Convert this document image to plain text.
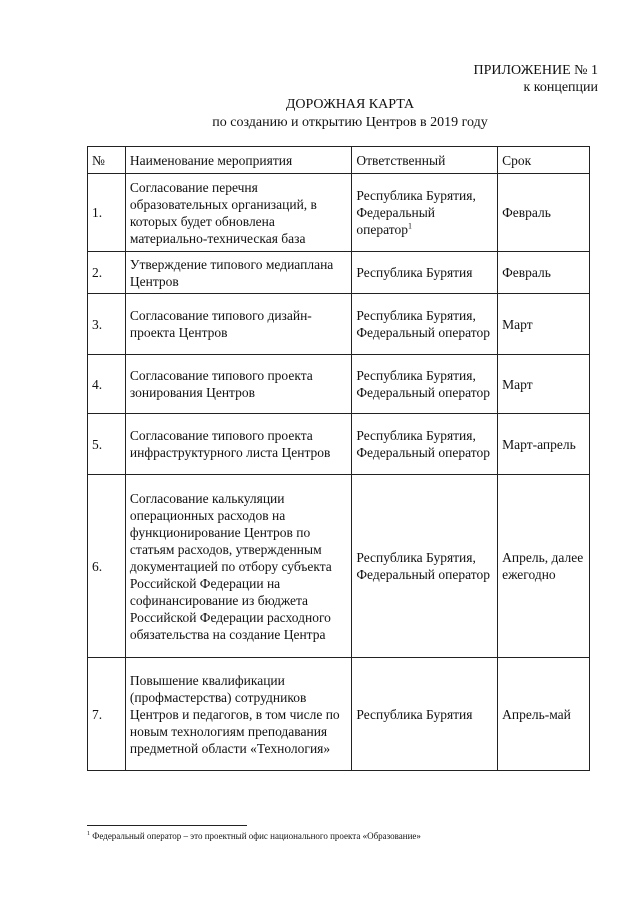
ПРИЛОЖЕНИЕ № 1
к концепции
ДОРОЖНАЯ КАРТА
по созданию и открытию Центров в 2019 году
№	Наименование мероприятия	Ответственный	Срок
1.	Согласование перечня образовательных организаций, в которых будет обновлена материально-техническая база	Республика Бурятия, Федеральный оператор$^1$	Февраль
2.	Утверждение типового медиаплана Центров	Республика Бурятия	Февраль
3.	Согласование типового дизайн-проекта Центров	Республика Бурятия, Федеральный оператор	Март
4.	Согласование типового проекта зонирования Центров	Республика Бурятия, Федеральный оператор	Март
5.	Согласование типового проекта инфраструктурного листа Центров	Республика Бурятия, Федеральный оператор	Март-апрель
6.	Согласование калькуляции операционных расходов на функционирование Центров по статьям расходов, утвержденным документацией по отбору субъекта Российской Федерации на софинансирование из бюджета Российской Федерации расходного обязательства на создание Центра	Республика Бурятия, Федеральный оператор	Апрель, далее ежегодно
7.	Повышение квалификации (профмастерства) сотрудников Центров и педагогов, в том числе по новым технологиям преподавания предметной области «Технология»	Республика Бурятия	Апрель-май
$^1$ Федеральный оператор – это проектный офис национального проекта «Образование»
